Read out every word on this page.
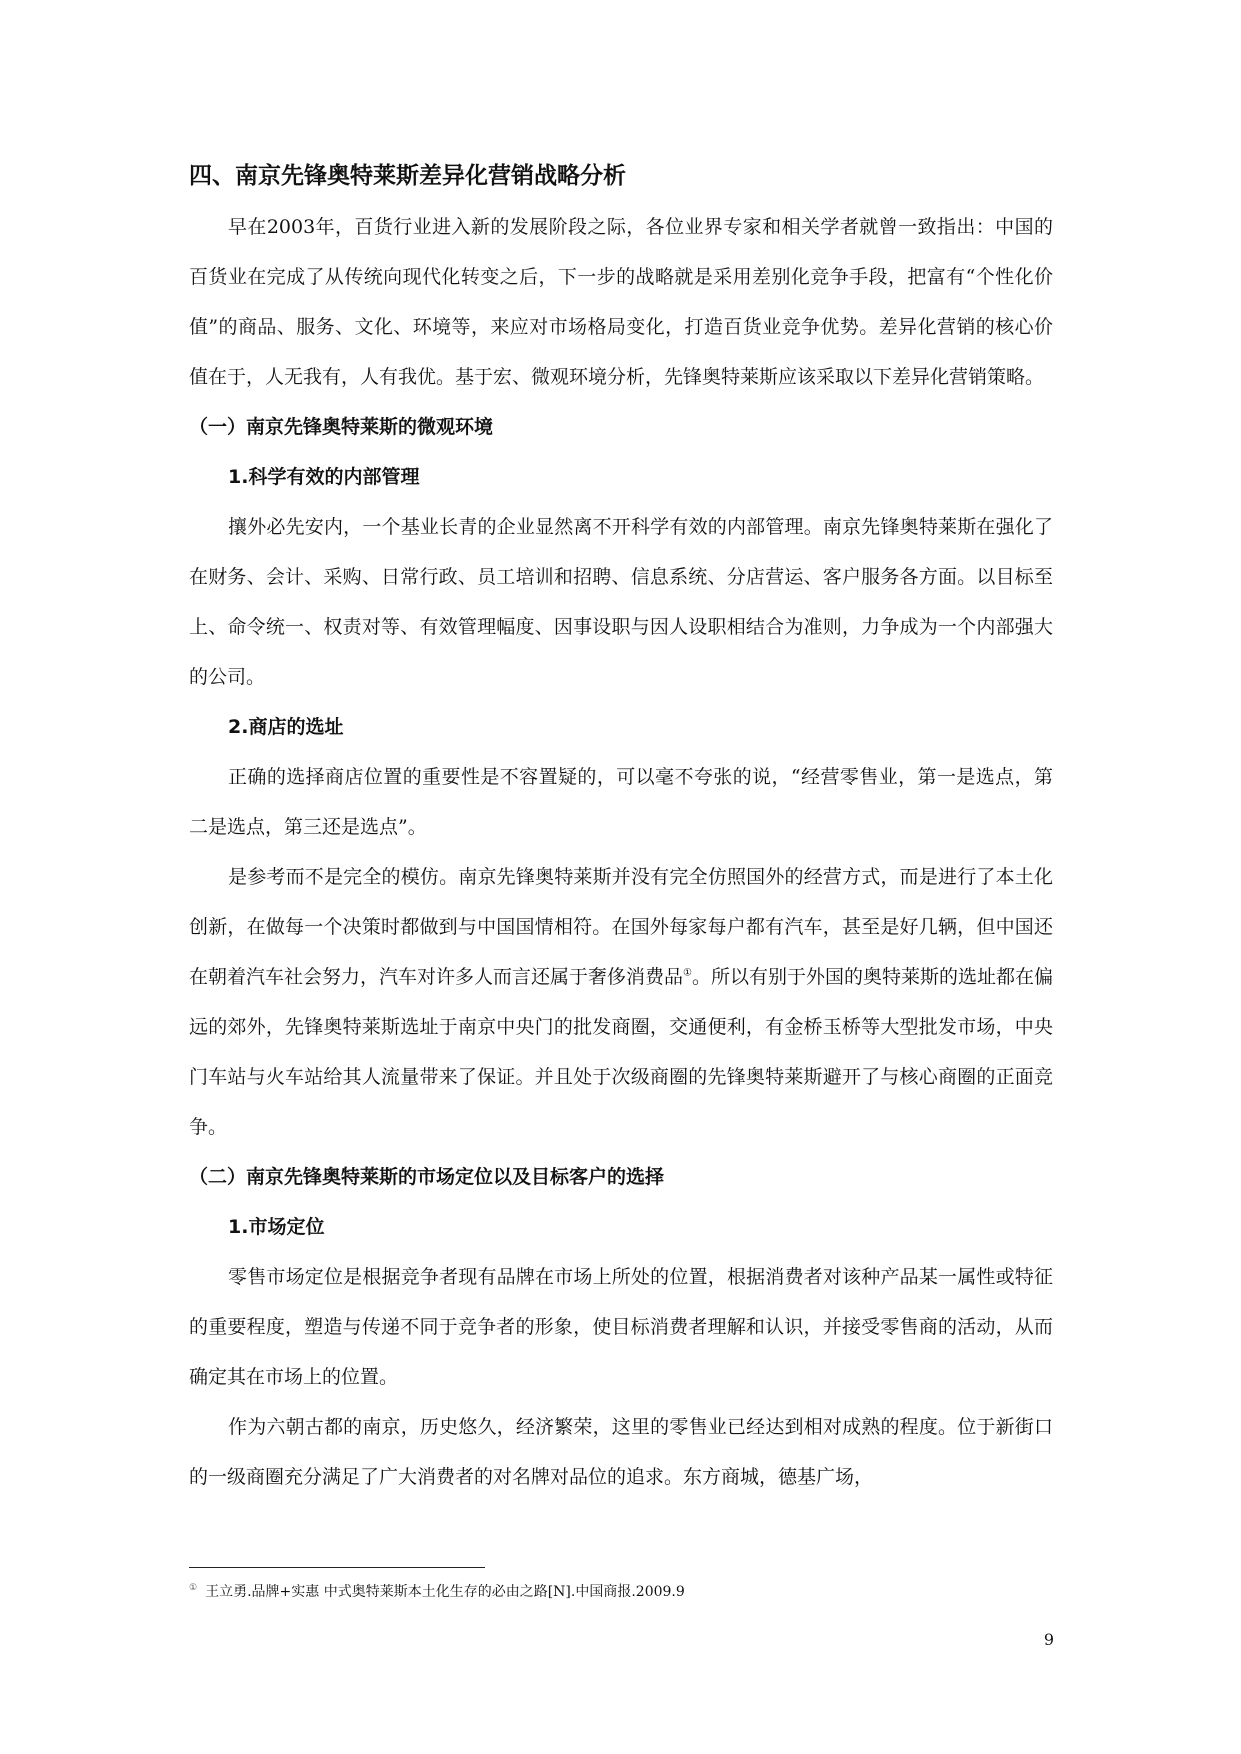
四、南京先锋奥特莱斯差异化营销战略分析

早在2003年，百货行业进入新的发展阶段之际，各位业界专家和相关学者就曾一致指出：中国的百货业在完成了从传统向现代化转变之后，下一步的战略就是采用差别化竞争手段，把富有“个性化价值”的商品、服务、文化、环境等，来应对市场格局变化，打造百货业竞争优势。差异化营销的核心价值在于，人无我有，人有我优。基于宏、微观环境分析，先锋奥特莱斯应该采取以下差异化营销策略。

（一）南京先锋奥特莱斯的微观环境
1.科学有效的内部管理

攘外必先安内，一个基业长青的企业显然离不开科学有效的内部管理。南京先锋奥特莱斯在强化了在财务、会计、采购、日常行政、员工培训和招聘、信息系统、分店营运、客户服务各方面。以目标至上、命令统一、权责对等、有效管理幅度、因事设职与因人设职相结合为准则，力争成为一个内部强大的公司。

2.商店的选址

正确的选择商店位置的重要性是不容置疑的，可以毫不夸张的说，“经营零售业，第一是选点，第二是选点，第三还是选点”。

是参考而不是完全的模仿。南京先锋奥特莱斯并没有完全仿照国外的经营方式，而是进行了本土化创新，在做每一个决策时都做到与中国国情相符。在国外每家每户都有汽车，甚至是好几辆，但中国还在朝着汽车社会努力，汽车对许多人而言还属于奢侈消费品①。所以有别于外国的奥特莱斯的选址都在偏远的郊外，先锋奥特莱斯选址于南京中央门的批发商圈，交通便利，有金桥玉桥等大型批发市场，中央门车站与火车站给其人流量带来了保证。并且处于次级商圈的先锋奥特莱斯避开了与核心商圈的正面竞争。

（二）南京先锋奥特莱斯的市场定位以及目标客户的选择
1.市场定位

零售市场定位是根据竞争者现有品牌在市场上所处的位置，根据消费者对该种产品某一属性或特征的重要程度，塑造与传递不同于竞争者的形象，使目标消费者理解和认识，并接受零售商的活动，从而确定其在市场上的位置。

作为六朝古都的南京，历史悠久，经济繁荣，这里的零售业已经达到相对成熟的程度。位于新街口的一级商圈充分满足了广大消费者的对名牌对品位的追求。东方商城，德基广场，

① 王立勇.品牌+实惠 中式奥特莱斯本土化生存的必由之路[N].中国商报.2009.9
9
